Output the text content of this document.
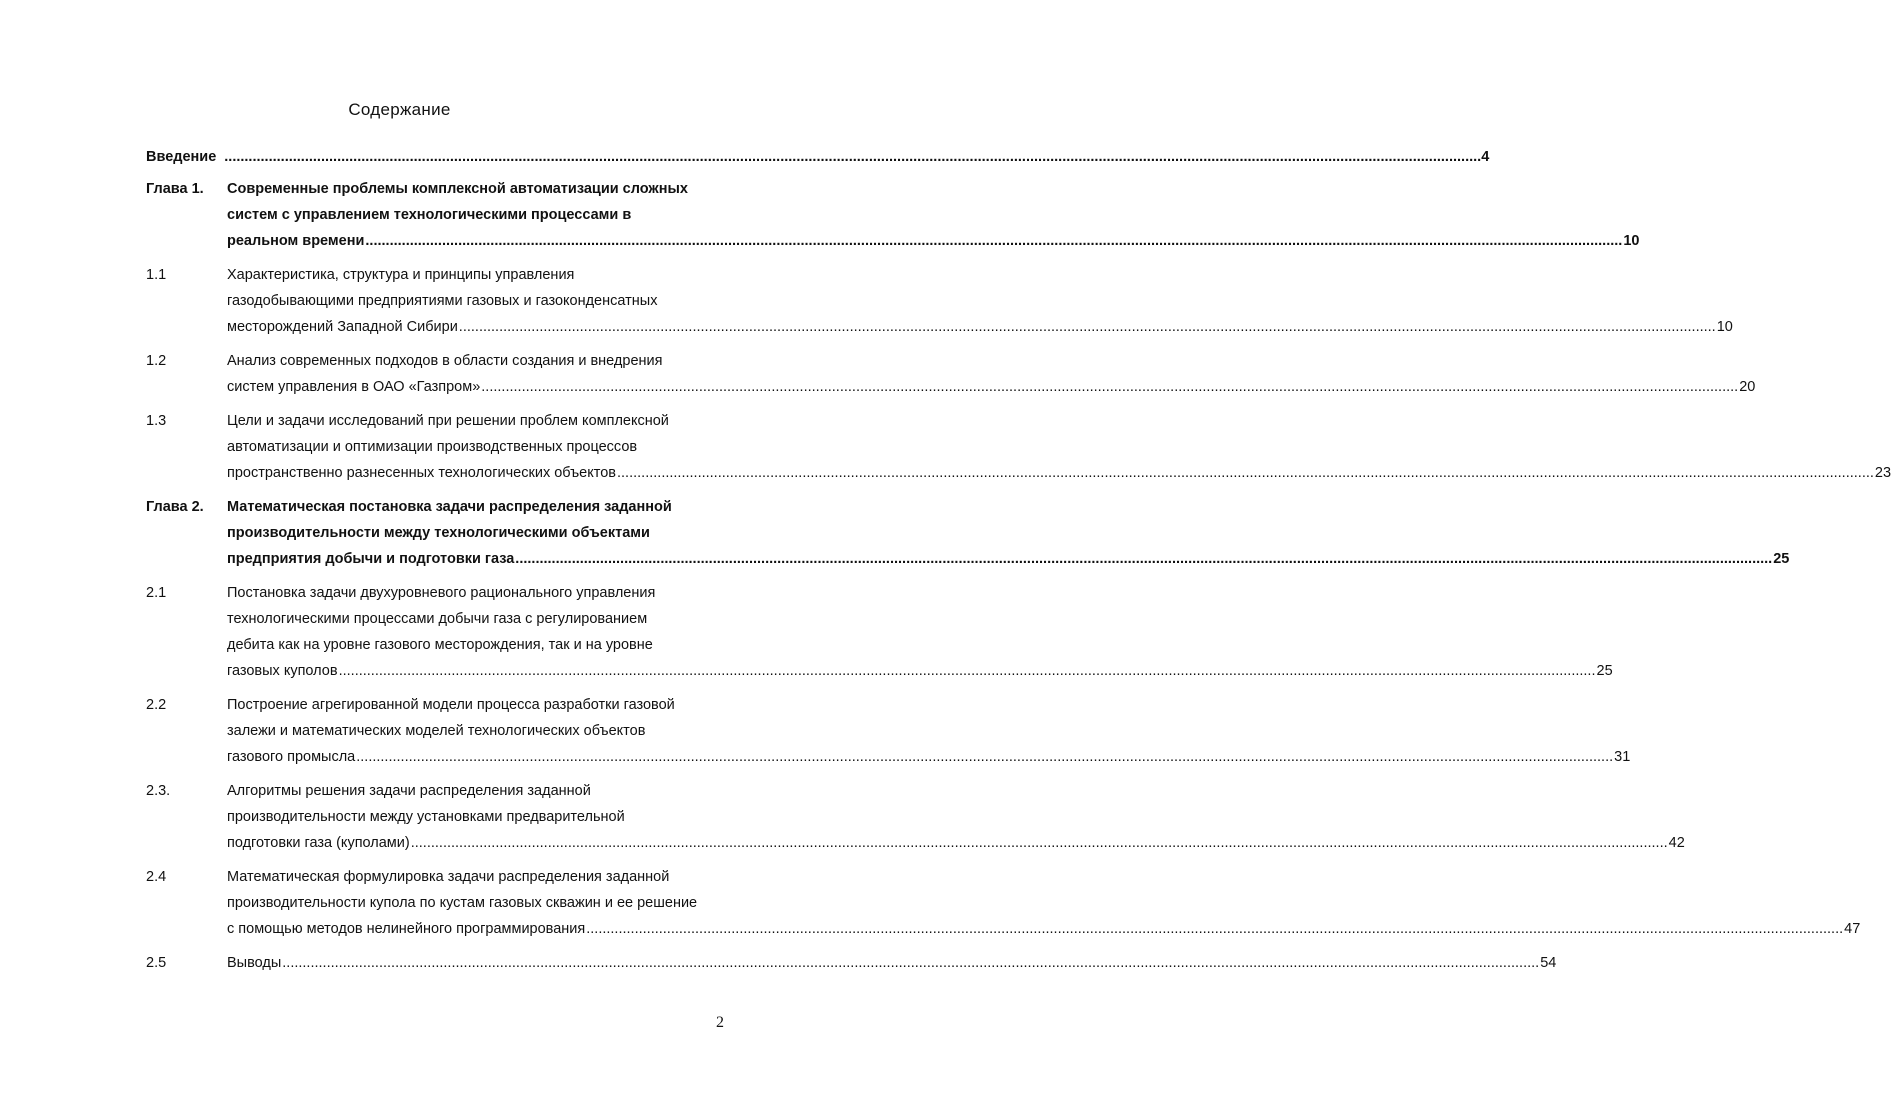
Содержание
Введение .....	4
Глава 1.	Современные проблемы комплексной автоматизации сложных
систем с управлением технологическими процессами в
реальном времени .....	10
1.1	Характеристика, структура и принципы управления
газодобывающими предприятиями газовых и газоконденсатных
месторождений Западной Сибири .....	10
1.2	Анализ современных подходов в области создания и внедрения
систем управления в ОАО «Газпром» .....	20
1.3	Цели и задачи исследований при решении проблем комплексной
автоматизации и оптимизации производственных процессов
пространственно разнесенных технологических объектов .....	23
Глава 2.	Математическая постановка задачи распределения заданной
производительности между технологическими объектами
предприятия добычи и подготовки газа .....	25
2.1	Постановка задачи двухуровневого рационального управления
технологическими процессами добычи газа с регулированием
дебита как на уровне газового месторождения, так и на уровне
газовых куполов .....	25
2.2	Построение агрегированной модели процесса разработки газовой
залежи и математических моделей технологических объектов
газового промысла .....	31
2.3.	Алгоритмы решения задачи распределения заданной
производительности между установками предварительной
подготовки газа (куполами) .....	42
2.4	Математическая формулировка задачи распределения заданной
производительности купола по кустам газовых скважин и ее решение
с помощью методов нелинейного программирования .....	47
2.5	Выводы .....	54
2
